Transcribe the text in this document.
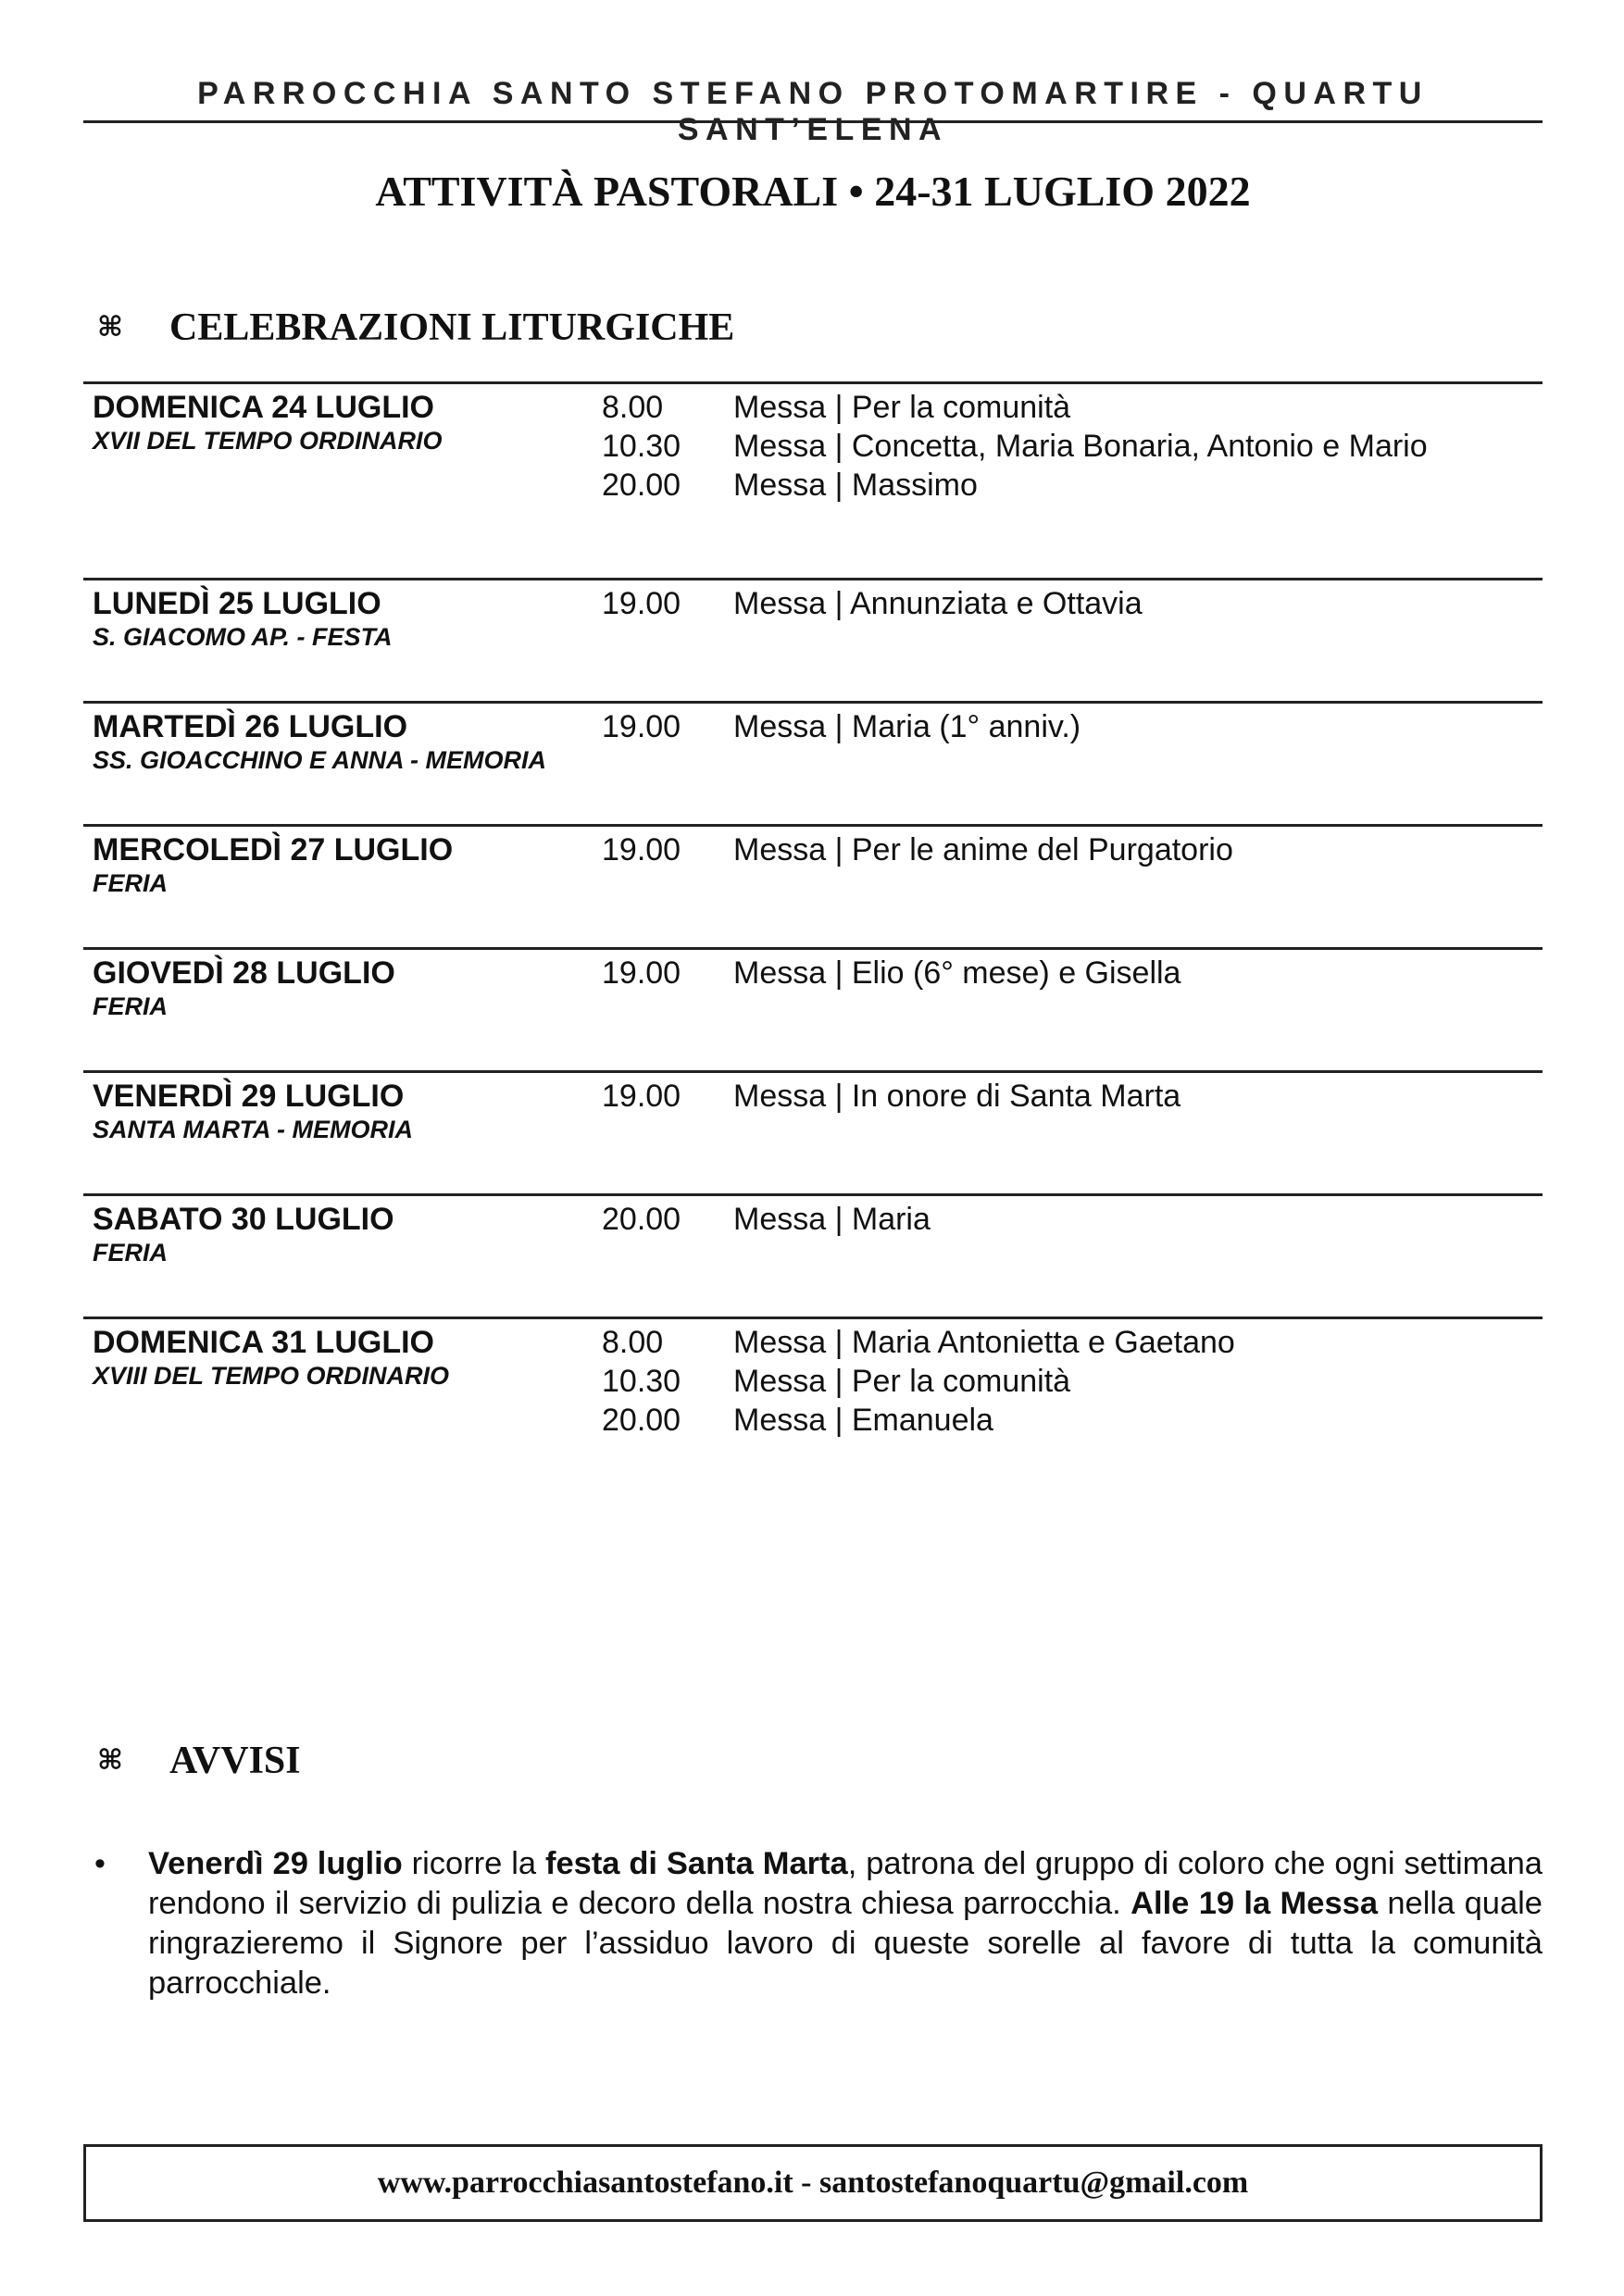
PARROCCHIA SANTO STEFANO PROTOMARTIRE - QUARTU SANT’ELENA
ATTIVITÀ PASTORALI • 24-31 LUGLIO 2022
⌘ CELEBRAZIONI LITURGICHE
DOMENICA 24 LUGLIO
XVII DEL TEMPO ORDINARIO
8.00	Messa | Per la comunità
10.30	Messa | Concetta, Maria Bonaria, Antonio e Mario
20.00	Messa | Massimo
LUNEDÌ 25 LUGLIO
S. GIACOMO AP. - FESTA
19.00	Messa | Annunziata e Ottavia
MARTEDÌ 26 LUGLIO
SS. GIOACCHINO E ANNA - MEMORIA
19.00	Messa | Maria (1° anniv.)
MERCOLEDÌ 27 LUGLIO
FERIA
19.00	Messa | Per le anime del Purgatorio
GIOVEDÌ 28 LUGLIO
FERIA
19.00	Messa | Elio (6° mese) e Gisella
VENERDÌ 29 LUGLIO
SANTA MARTA - MEMORIA
19.00	Messa | In onore di Santa Marta
SABATO 30 LUGLIO
FERIA
20.00	Messa | Maria
DOMENICA 31 LUGLIO
XVIII DEL TEMPO ORDINARIO
8.00	Messa | Maria Antonietta e Gaetano
10.30	Messa | Per la comunità
20.00	Messa | Emanuela
⌘ AVVISI
• Venerdì 29 luglio ricorre la festa di Santa Marta, patrona del gruppo di coloro che ogni settimana rendono il servizio di pulizia e decoro della nostra chiesa parrocchia. Alle 19 la Messa nella quale ringrazieremo il Signore per l’assiduo lavoro di queste sorelle al favore di tutta la comunità parrocchiale.
www.parrocchiasantostefano.it - santostefanoquartu@gmail.com
